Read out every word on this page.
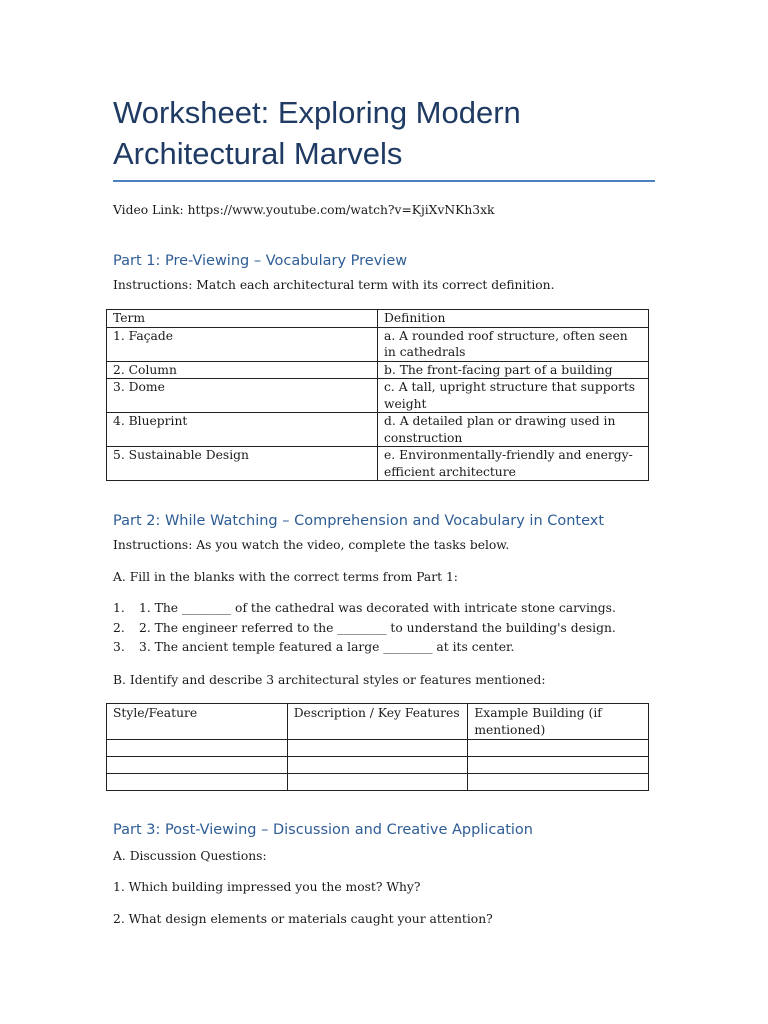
Worksheet: Exploring Modern Architectural Marvels
Video Link: https://www.youtube.com/watch?v=KjiXvNKh3xk
Part 1: Pre-Viewing – Vocabulary Preview
Instructions: Match each architectural term with its correct definition.
Term	Definition
1. Façade	a. A rounded roof structure, often seen in cathedrals
2. Column	b. The front-facing part of a building
3. Dome	c. A tall, upright structure that supports weight
4. Blueprint	d. A detailed plan or drawing used in construction
5. Sustainable Design	e. Environmentally-friendly and energy-efficient architecture
Part 2: While Watching – Comprehension and Vocabulary in Context
Instructions: As you watch the video, complete the tasks below.
A. Fill in the blanks with the correct terms from Part 1:
1. 1. The ________ of the cathedral was decorated with intricate stone carvings.
2. 2. The engineer referred to the ________ to understand the building's design.
3. 3. The ancient temple featured a large ________ at its center.
B. Identify and describe 3 architectural styles or features mentioned:
Style/Feature	Description / Key Features	Example Building (if mentioned)

Part 3: Post-Viewing – Discussion and Creative Application
A. Discussion Questions:
1. Which building impressed you the most? Why?
2. What design elements or materials caught your attention?
